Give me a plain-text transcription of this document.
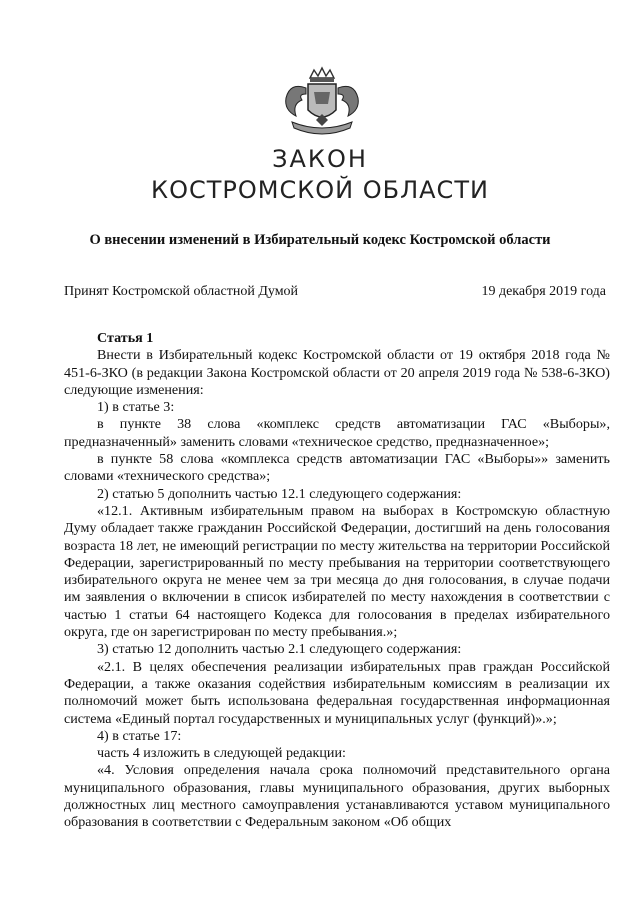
ЗАКОН
КОСТРОМСКОЙ ОБЛАСТИ
О внесении изменений в Избирательный кодекс Костромской области
Принят Костромской областной Думой	19 декабря 2019 года

Статья 1

Внести в Избирательный кодекс Костромской области от 19 октября 2018 года № 451-6-ЗКО (в редакции Закона Костромской области от 20 апреля 2019 года № 538-6-ЗКО) следующие изменения:

1) в статье 3:

в пункте 38 слова «комплекс средств автоматизации ГАС «Выборы», предназначенный» заменить словами «техническое средство, предназначенное»;

в пункте 58 слова «комплекса средств автоматизации ГАС «Выборы»» заменить словами «технического средства»;

2) статью 5 дополнить частью 12.1 следующего содержания:

«12.1. Активным избирательным правом на выборах в Костромскую областную Думу обладает также гражданин Российской Федерации, достигший на день голосования возраста 18 лет, не имеющий регистрации по месту жительства на территории Российской Федерации, зарегистрированный по месту пребывания на территории соответствующего избирательного округа не менее чем за три месяца до дня голосования, в случае подачи им заявления о включении в список избирателей по месту нахождения в соответствии с частью 1 статьи 64 настоящего Кодекса для голосования в пределах избирательного округа, где он зарегистрирован по месту пребывания.»;

3) статью 12 дополнить частью 2.1 следующего содержания:

«2.1. В целях обеспечения реализации избирательных прав граждан Российской Федерации, а также оказания содействия избирательным комиссиям в реализации их полномочий может быть использована федеральная государственная информационная система «Единый портал государственных и муниципальных услуг (функций)».»;

4) в статье 17:

часть 4 изложить в следующей редакции:

«4. Условия определения начала срока полномочий представительного органа муниципального образования, главы муниципального образования, других выборных должностных лиц местного самоуправления устанавливаются уставом муниципального образования в соответствии с Федеральным законом «Об общих
